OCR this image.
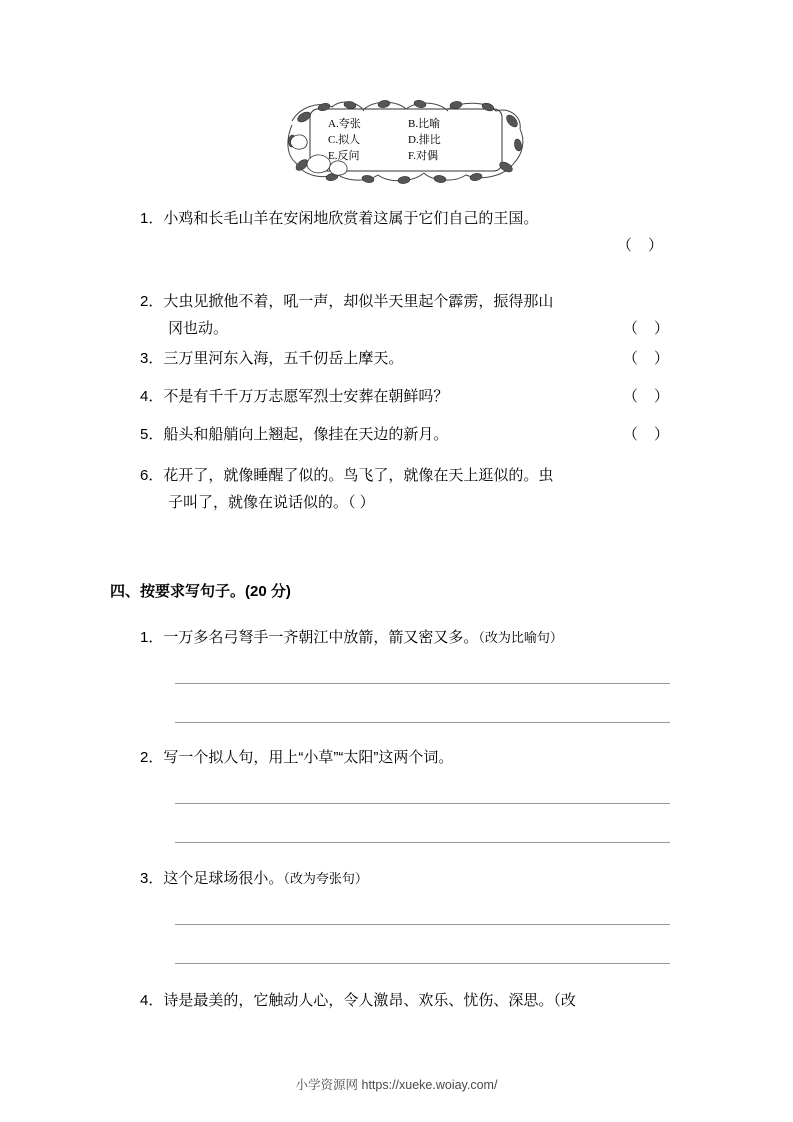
A.夸张	B.比喻
C.拟人	D.排比
E.反问	F.对偶
1．小鸡和长毛山羊在安闲地欣赏着这属于它们自己的王国。
（ ）
2．大虫见掀他不着，吼一声，却似半天里起个霹雳，振得那山
冈也动。	（ ）
3．三万里河东入海，五千仞岳上摩天。	（ ）
4．不是有千千万万志愿军烈士安葬在朝鲜吗？	（ ）
5．船头和船艄向上翘起，像挂在天边的新月。	（ ）
6．花开了，就像睡醒了似的。鸟飞了，就像在天上逛似的。虫
子叫了，就像在说话似的。（ ）
四、按要求写句子。(20 分)
1．一万多名弓弩手一齐朝江中放箭，箭又密又多。（改为比喻句）
2．写一个拟人句，用上“小草”“太阳”这两个词。
3．这个足球场很小。（改为夸张句）
4．诗是最美的，它触动人心，令人激昂、欢乐、忧伤、深思。（改
小学资源网 https://xueke.woiay.com/
